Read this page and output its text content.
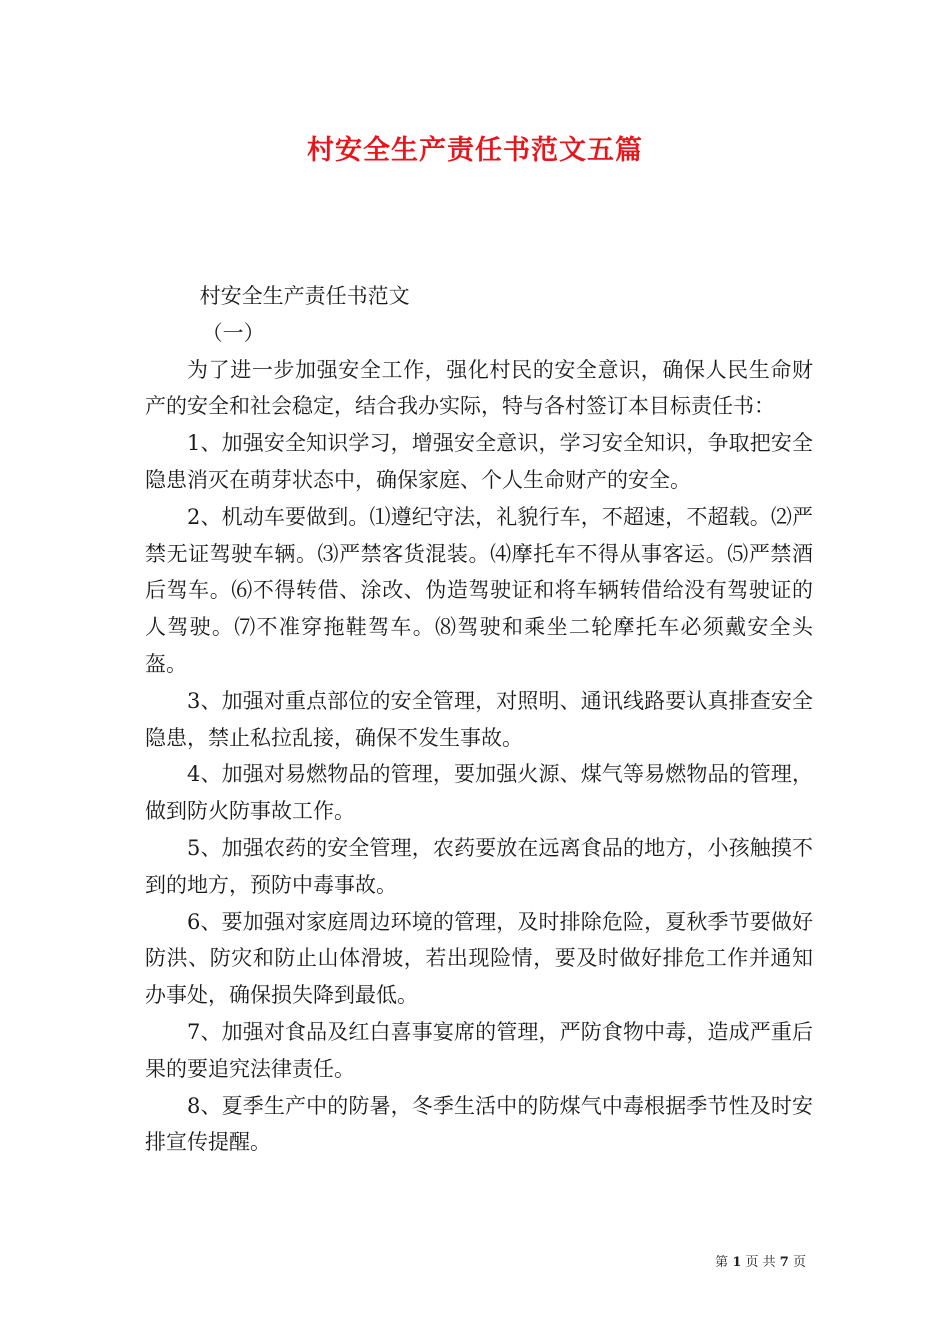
村安全生产责任书范文五篇

村安全生产责任书范文

（一）

为了进一步加强安全工作，强化村民的安全意识，确保人民生命财产的安全和社会稳定，结合我办实际，特与各村签订本目标责任书：

1、加强安全知识学习，增强安全意识，学习安全知识，争取把安全隐患消灭在萌芽状态中，确保家庭、个人生命财产的安全。

2、机动车要做到。⑴遵纪守法，礼貌行车，不超速，不超载。⑵严禁无证驾驶车辆。⑶严禁客货混装。⑷摩托车不得从事客运。⑸严禁酒后驾车。⑹不得转借、涂改、伪造驾驶证和将车辆转借给没有驾驶证的人驾驶。⑺不准穿拖鞋驾车。⑻驾驶和乘坐二轮摩托车必须戴安全头盔。

3、加强对重点部位的安全管理，对照明、通讯线路要认真排查安全隐患，禁止私拉乱接，确保不发生事故。

4、加强对易燃物品的管理，要加强火源、煤气等易燃物品的管理，做到防火防事故工作。

5、加强农药的安全管理，农药要放在远离食品的地方，小孩触摸不到的地方，预防中毒事故。

6、要加强对家庭周边环境的管理，及时排除危险，夏秋季节要做好防洪、防灾和防止山体滑坡，若出现险情，要及时做好排危工作并通知办事处，确保损失降到最低。

7、加强对食品及红白喜事宴席的管理，严防食物中毒，造成严重后果的要追究法律责任。

8、夏季生产中的防暑，冬季生活中的防煤气中毒根据季节性及时安排宣传提醒。

第 1 页 共 7 页
